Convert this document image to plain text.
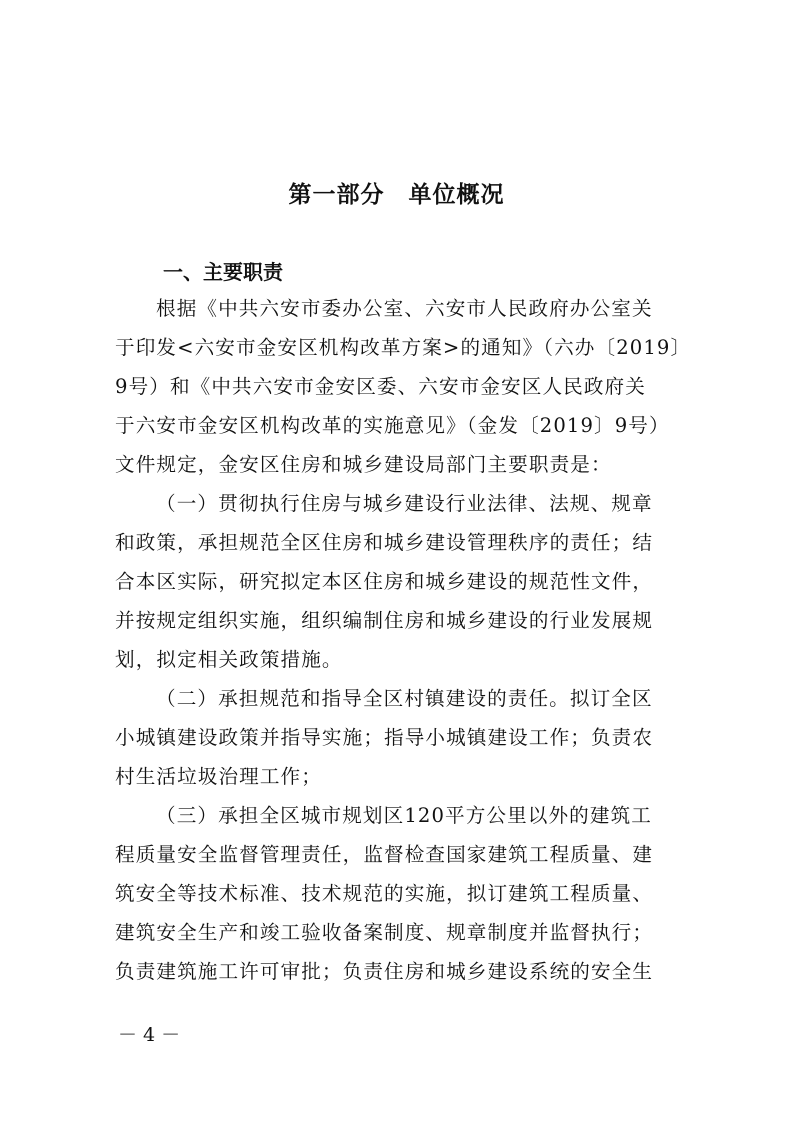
第一部分　单位概况
一、主要职责
根据《中共六安市委办公室、六安市人民政府办公室关
于印发<六安市金安区机构改革方案>的通知》（六办〔2019〕
9号）和《中共六安市金安区委、六安市金安区人民政府关
于六安市金安区机构改革的实施意见》（金发〔2019〕9号）
文件规定，金安区住房和城乡建设局部门主要职责是：
（一）贯彻执行住房与城乡建设行业法律、法规、规章
和政策，承担规范全区住房和城乡建设管理秩序的责任；结
合本区实际，研究拟定本区住房和城乡建设的规范性文件，
并按规定组织实施，组织编制住房和城乡建设的行业发展规
划，拟定相关政策措施。
（二）承担规范和指导全区村镇建设的责任。拟订全区
小城镇建设政策并指导实施；指导小城镇建设工作；负责农
村生活垃圾治理工作；
（三）承担全区城市规划区120平方公里以外的建筑工
程质量安全监督管理责任，监督检查国家建筑工程质量、建
筑安全等技术标准、技术规范的实施，拟订建筑工程质量、
建筑安全生产和竣工验收备案制度、规章制度并监督执行；
负责建筑施工许可审批；负责住房和城乡建设系统的安全生
－ 4 －
